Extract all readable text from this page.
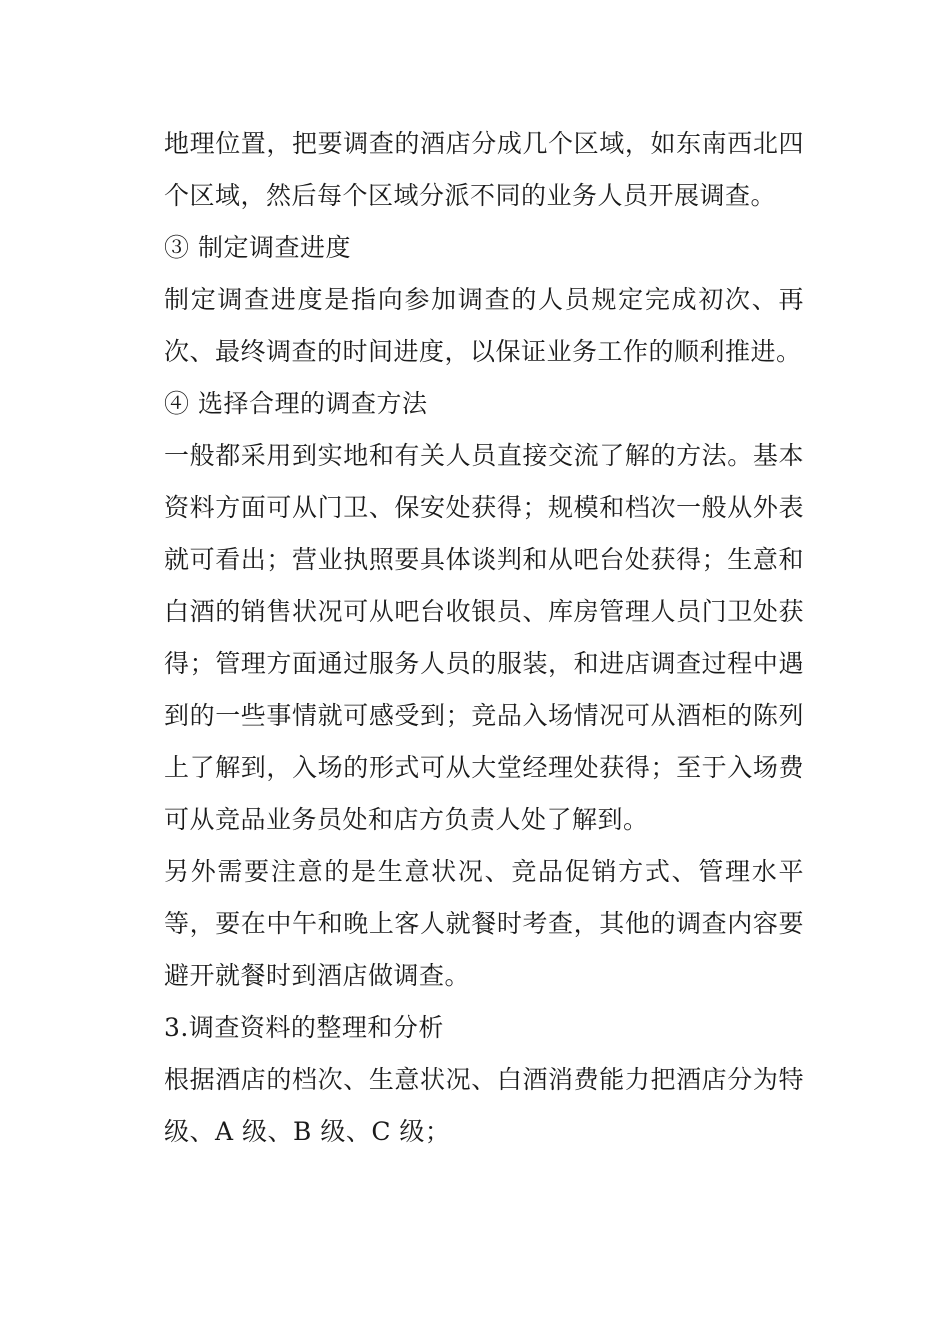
地理位置，把要调查的酒店分成几个区域，如东南西北四个区域，然后每个区域分派不同的业务人员开展调查。

③ 制定调查进度

制定调查进度是指向参加调查的人员规定完成初次、再次、最终调查的时间进度，以保证业务工作的顺利推进。

④ 选择合理的调查方法

一般都采用到实地和有关人员直接交流了解的方法。基本资料方面可从门卫、保安处获得；规模和档次一般从外表就可看出；营业执照要具体谈判和从吧台处获得；生意和白酒的销售状况可从吧台收银员、库房管理人员门卫处获得；管理方面通过服务人员的服装，和进店调查过程中遇到的一些事情就可感受到；竞品入场情况可从酒柜的陈列上了解到，入场的形式可从大堂经理处获得；至于入场费可从竞品业务员处和店方负责人处了解到。

另外需要注意的是生意状况、竞品促销方式、管理水平等，要在中午和晚上客人就餐时考查，其他的调查内容要避开就餐时到酒店做调查。

3.调查资料的整理和分析

根据酒店的档次、生意状况、白酒消费能力把酒店分为特级、A 级、B 级、C 级；
